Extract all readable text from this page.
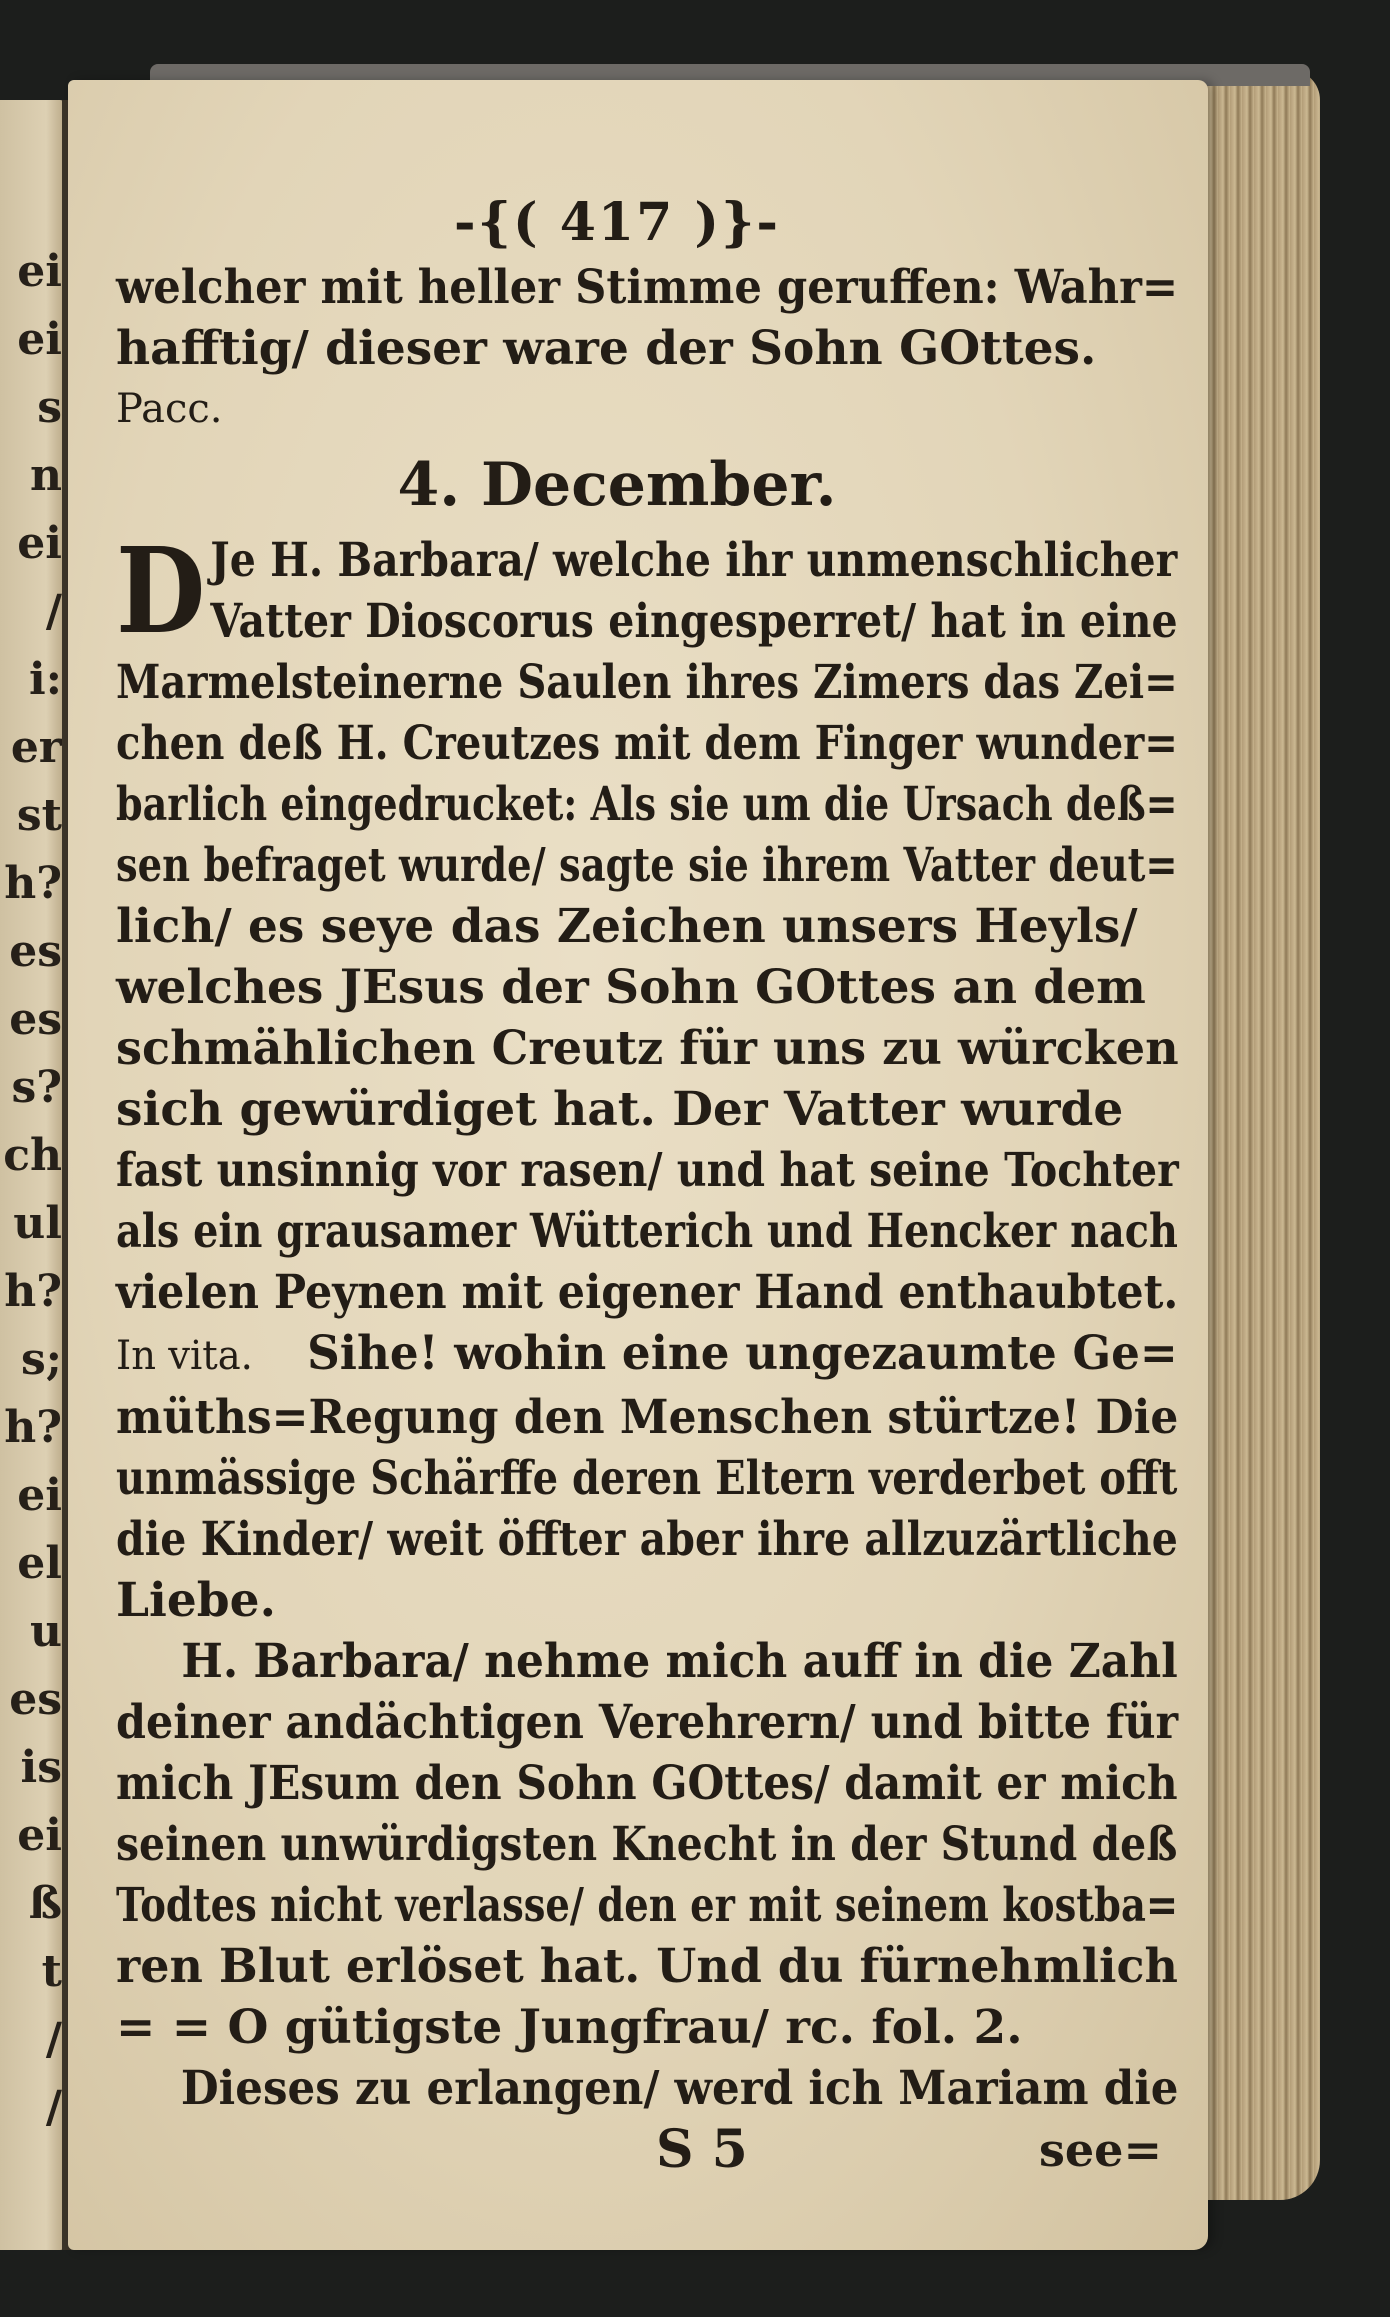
ei
ei
s
n
ei
/
i:
er
st
h?
es
es
s?
ch
ul
h?
s;
h?
ei
el
u
es
is
ei
ß
t
/
/
-{( 417 )}-
welcher mit heller Stimme geruffen: Wahr=
hafftig/ dieser ware der Sohn GOttes.
Pacc.
4. December.
D Je H. Barbara/ welche ihr unmenschlicher
Vatter Dioscorus eingesperret/ hat in eine
Marmelsteinerne Saulen ihres Zimers das Zei=
chen deß H. Creutzes mit dem Finger wunder=
barlich eingedrucket: Als sie um die Ursach deß=
sen befraget wurde/ sagte sie ihrem Vatter deut=
lich/ es seye das Zeichen unsers Heyls/
welches JEsus der Sohn GOttes an dem
schmählichen Creutz für uns zu würcken
sich gewürdiget hat. Der Vatter wurde
fast unsinnig vor rasen/ und hat seine Tochter
als ein grausamer Wütterich und Hencker nach
vielen Peynen mit eigener Hand enthaubtet.
In vita. Sihe! wohin eine ungezaumte Ge=
müths=Regung den Menschen stürtze! Die
unmässige Schärffe deren Eltern verderbet offt
die Kinder/ weit öffter aber ihre allzuzärtliche
Liebe.
H. Barbara/ nehme mich auff in die Zahl
deiner andächtigen Verehrern/ und bitte für
mich JEsum den Sohn GOttes/ damit er mich
seinen unwürdigsten Knecht in der Stund deß
Todtes nicht verlasse/ den er mit seinem kostba=
ren Blut erlöset hat. Und du fürnehmlich
= = O gütigste Jungfrau/ rc. fol. 2.
Dieses zu erlangen/ werd ich Mariam die
S 5	see=
